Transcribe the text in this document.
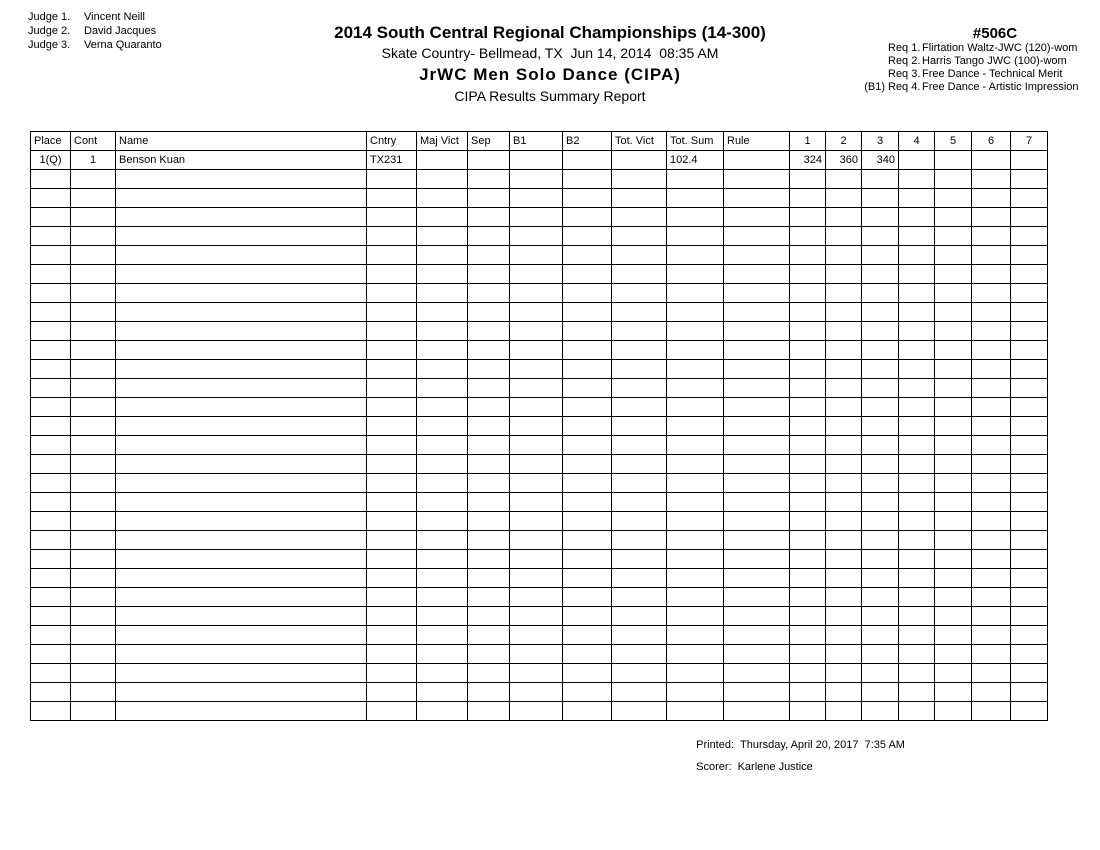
Judge 1. Vincent Neill
Judge 2. David Jacques
Judge 3. Verna Quaranto
2014 South Central Regional Championships (14-300)
Skate Country- Bellmead, TX  Jun 14, 2014  08:35 AM
JrWC Men Solo Dance (CIPA)
CIPA Results Summary Report
#506C
Req 1. Flirtation Waltz-JWC (120)-wom
Req 2. Harris Tango JWC (100)-wom
Req 3. Free Dance - Technical Merit
(B1) Req 4. Free Dance - Artistic Impression
Place	Cont	Name	Cntry	Maj Vict	Sep	B1	B2	Tot. Vict	Tot. Sum	Rule	1	2	3	4	5	6	7
1(Q)	1	Benson Kuan	TX231						102.4		324	360	340				

Printed: Thursday, April 20, 2017  7:35 AM

Scorer: Karlene Justice
